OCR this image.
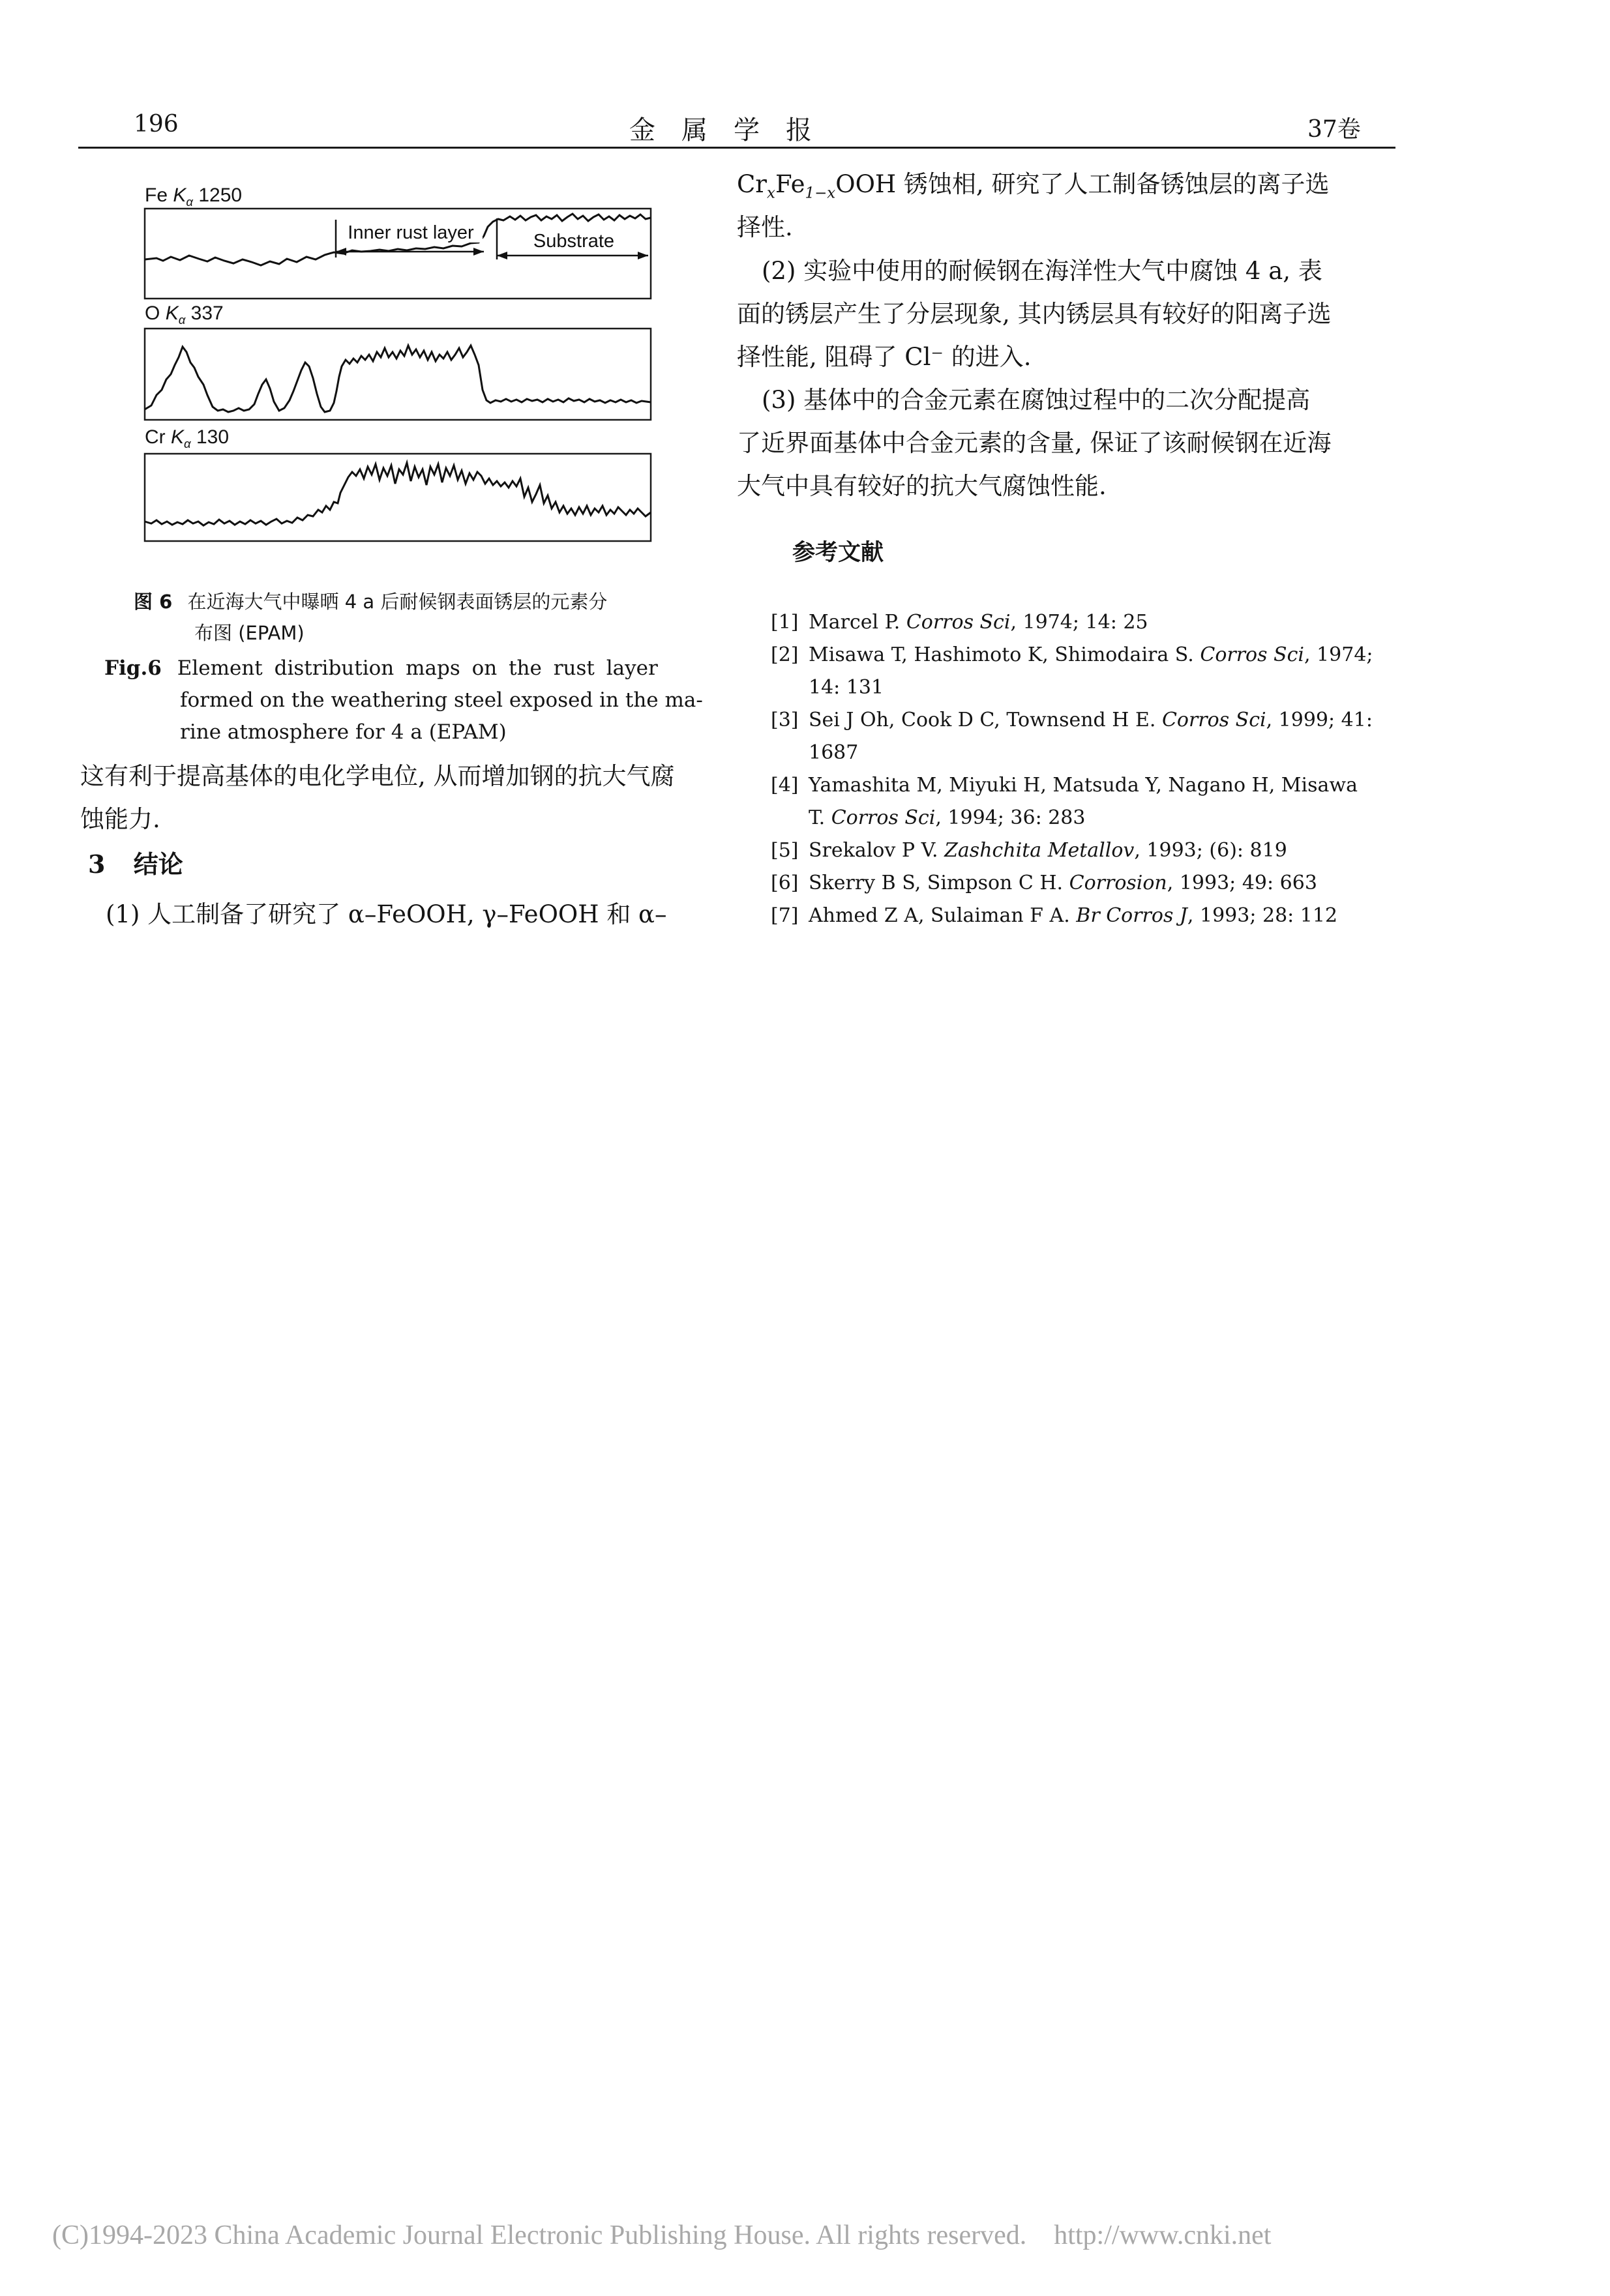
196	金　属　学　报	37卷
Fe $K_\alpha$ 1250
O $K_\alpha$ 337
Cr $K_\alpha$ 130
Substrate
Inner rust layer
图 6 在近海大气中曝晒 4 a 后耐候钢表面锈层的元素分
布图 (EPAM)
Fig.6 Element distribution maps on the rust layer
formed on the weathering steel exposed in the ma-
rine atmosphere for 4 a (EPAM)
这有利于提高基体的电化学电位, 从而增加钢的抗大气腐
蚀能力.
3 结论
(1) 人工制备了研究了 α–FeOOH, γ–FeOOH 和 α–
$Cr_xFe_{1-x}OOH$ 锈蚀相, 研究了人工制备锈蚀层的离子选
择性.
(2) 实验中使用的耐候钢在海洋性大气中腐蚀 4 a, 表
面的锈层产生了分层现象, 其内锈层具有较好的阳离子选
择性能, 阻碍了 Cl⁻ 的进入.
(3) 基体中的合金元素在腐蚀过程中的二次分配提高
了近界面基体中合金元素的含量, 保证了该耐候钢在近海
大气中具有较好的抗大气腐蚀性能.
参考文献
[1] Marcel P. Corros Sci, 1974; 14: 25
[2] Misawa T, Hashimoto K, Shimodaira S. Corros Sci, 1974;
14: 131
[3] Sei J Oh, Cook D C, Townsend H E. Corros Sci, 1999; 41:
1687
[4] Yamashita M, Miyuki H, Matsuda Y, Nagano H, Misawa
T. Corros Sci, 1994; 36: 283
[5] Srekalov P V. Zashchita Metallov, 1993; (6): 819
[6] Skerry B S, Simpson C H. Corrosion, 1993; 49: 663
[7] Ahmed Z A, Sulaiman F A. Br Corros J, 1993; 28: 112
(C)1994-2023 China Academic Journal Electronic Publishing House. All rights reserved.    http://www.cnki.net
